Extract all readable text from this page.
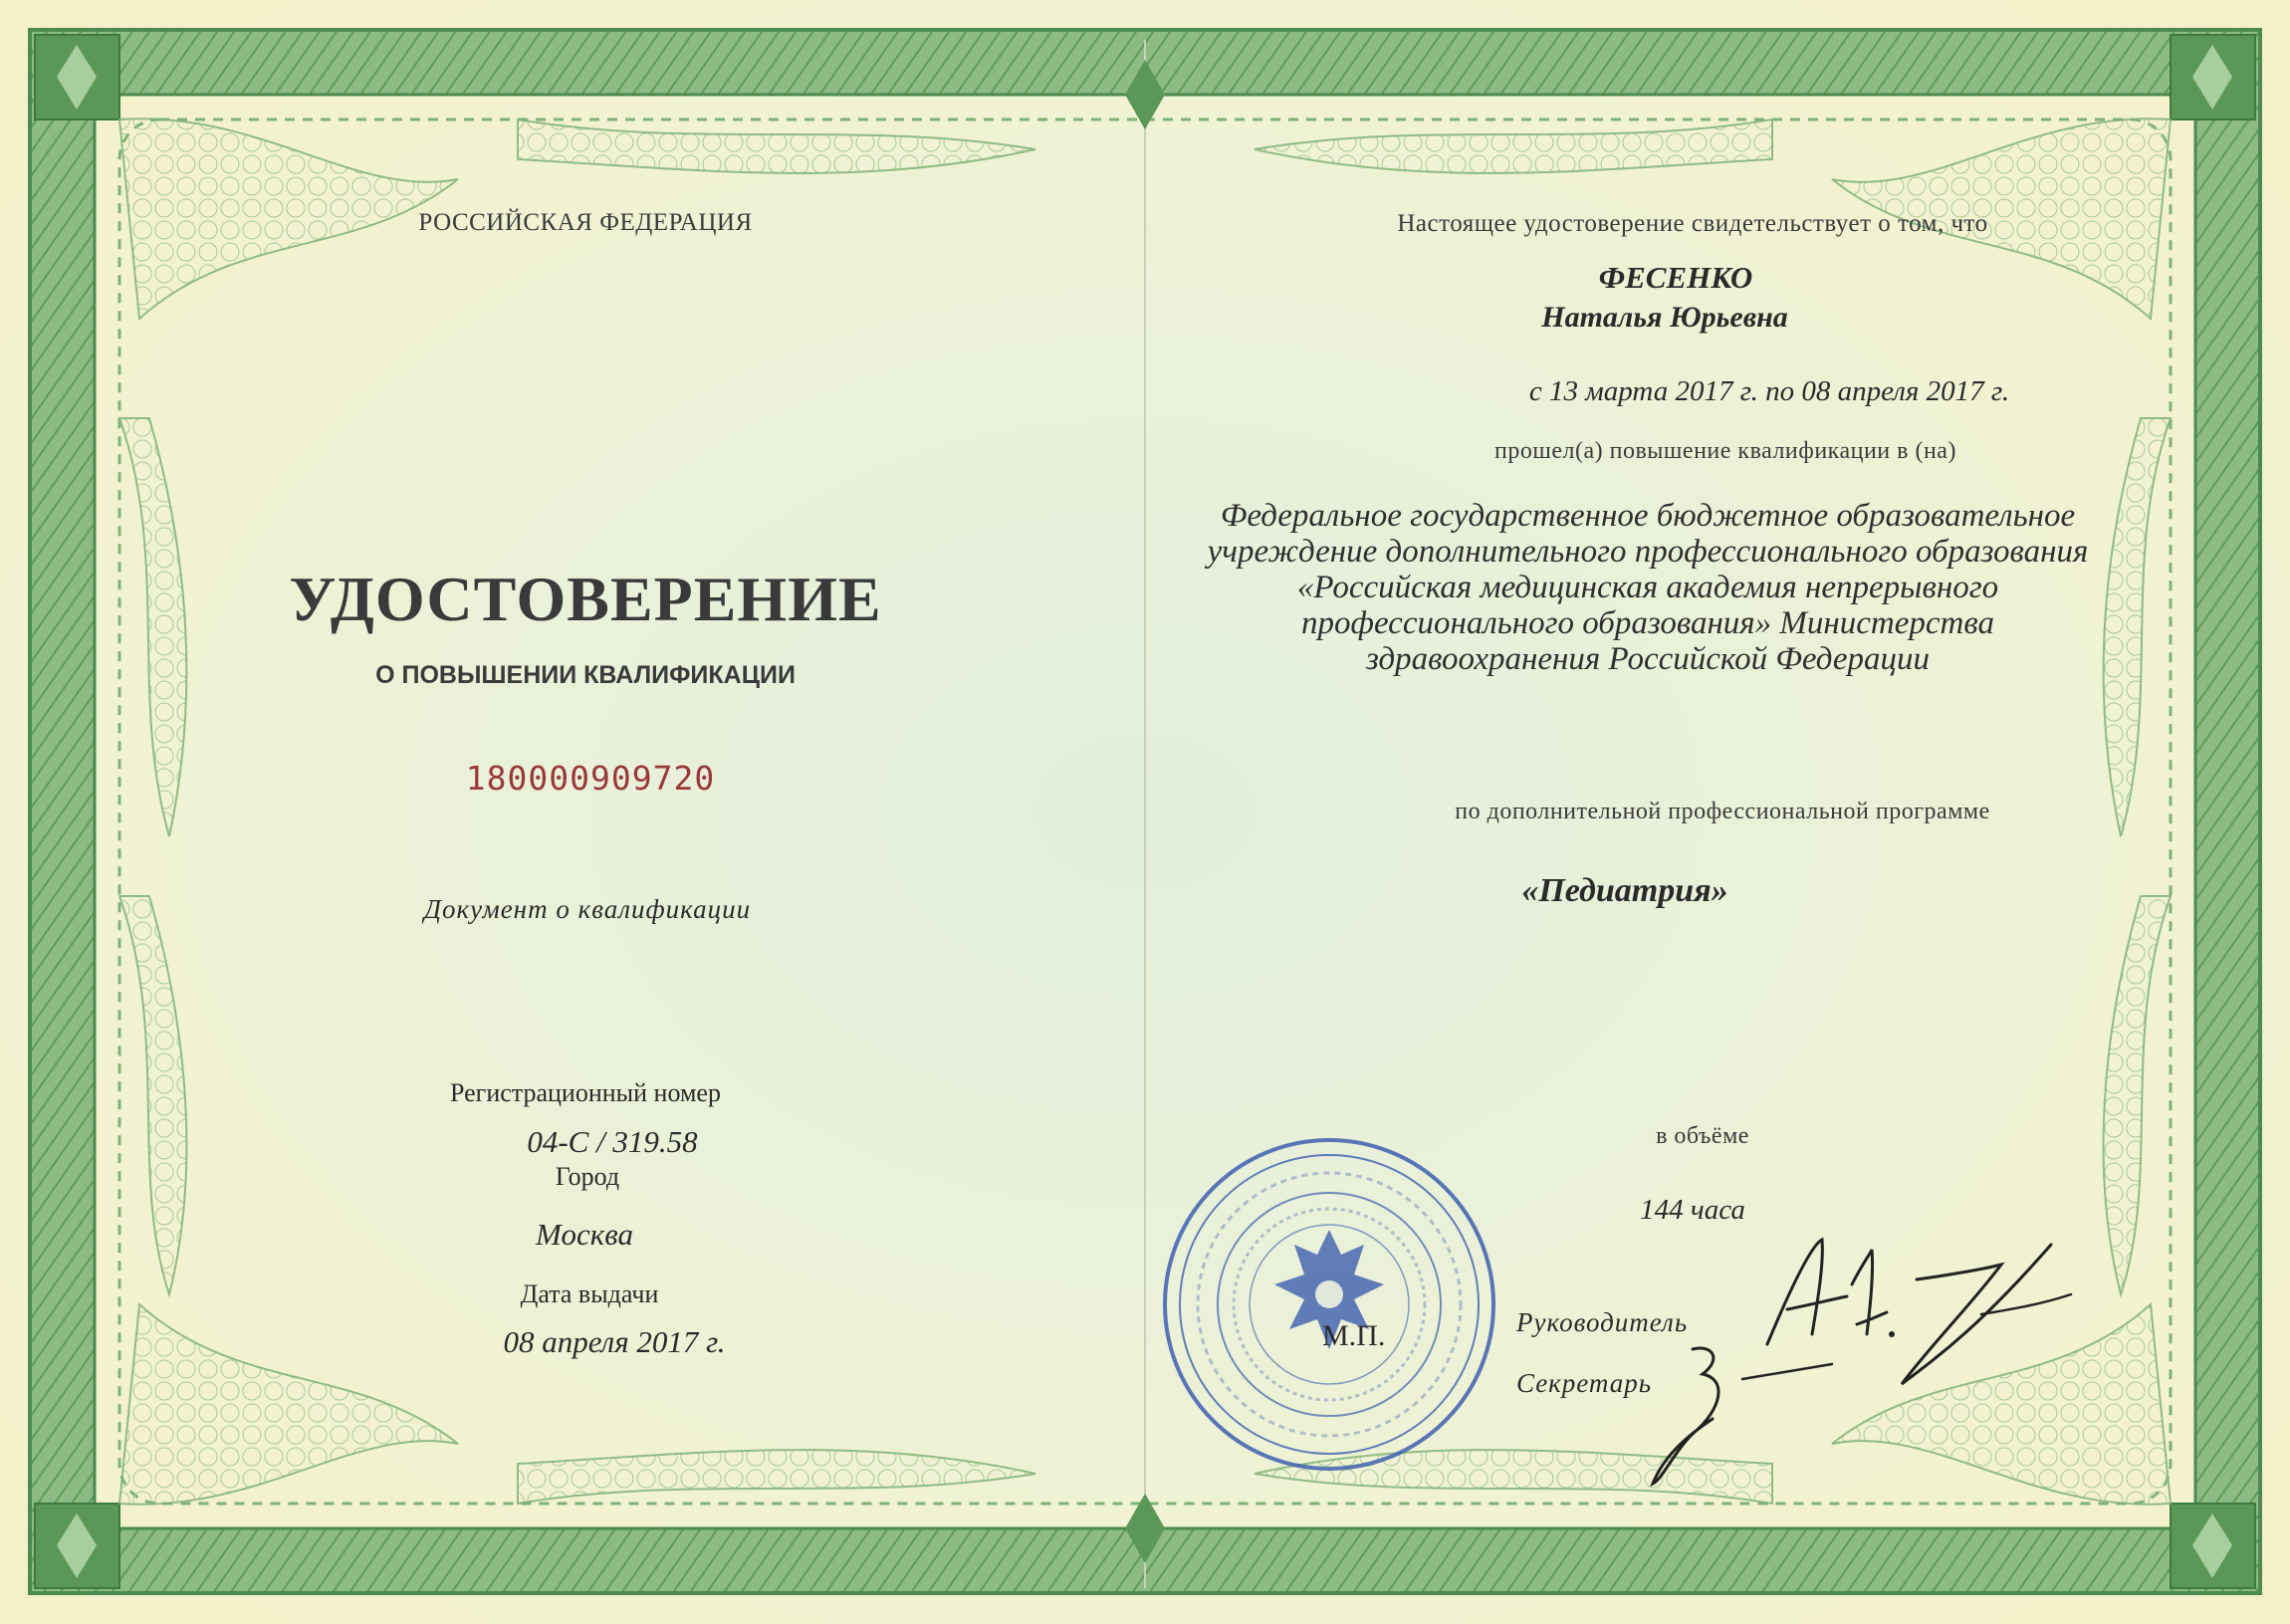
РОССИЙСКАЯ ФЕДЕРАЦИЯ
УДОСТОВЕРЕНИЕ
О ПОВЫШЕНИИ КВАЛИФИКАЦИИ
180000909720
Документ о квалификации
Регистрационный номер
04-С / 319.58
Город
Москва
Дата выдачи
08 апреля 2017 г.
Настоящее удостоверение свидетельствует о том, что
ФЕСЕНКО
Наталья Юрьевна
с 13 марта 2017 г. по 08 апреля 2017 г.
прошел(а) повышение квалификации в (на)
Федеральное государственное бюджетное образовательное
учреждение дополнительного профессионального образования
«Российская медицинская академия непрерывного
профессионального образования» Министерства
здравоохранения Российской Федерации
по дополнительной профессиональной программе
«Педиатрия»
в объёме
144 часа
Руководитель
Секретарь
М.П.
